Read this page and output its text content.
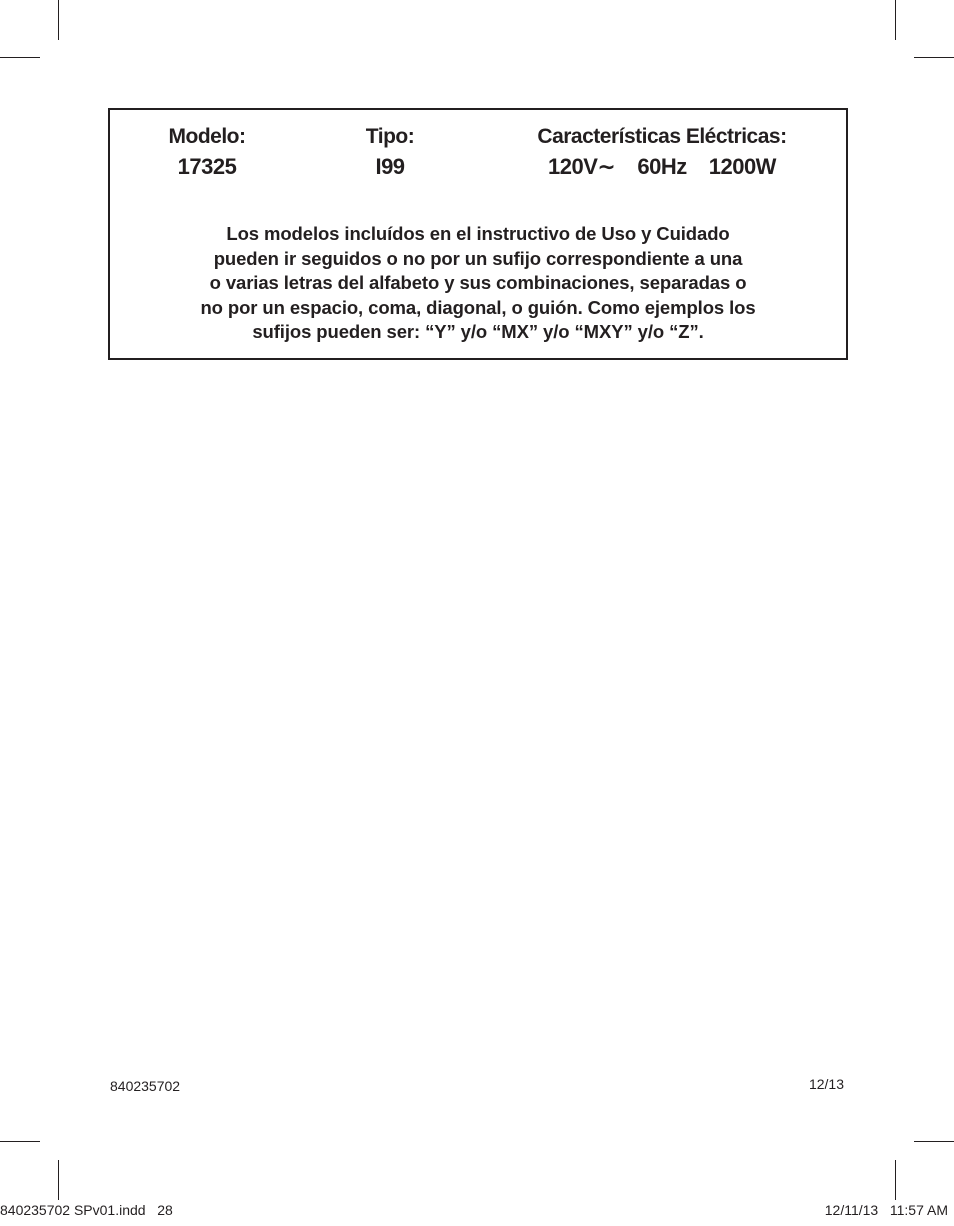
Modelo:
17325
Tipo:
I99
Características Eléctricas:
120V∼ 60Hz 1200W
Los modelos incluídos en el instructivo de Uso y Cuidado
pueden ir seguidos o no por un sufijo correspondiente a una
o varias letras del alfabeto y sus combinaciones, separadas o
no por un espacio, coma, diagonal, o guión. Como ejemplos los
sufijos pueden ser: “Y” y/o “MX” y/o “MXY” y/o “Z”.
840235702	12/13
840235702 SPv01.indd   28	12/11/13   11:57 AM
